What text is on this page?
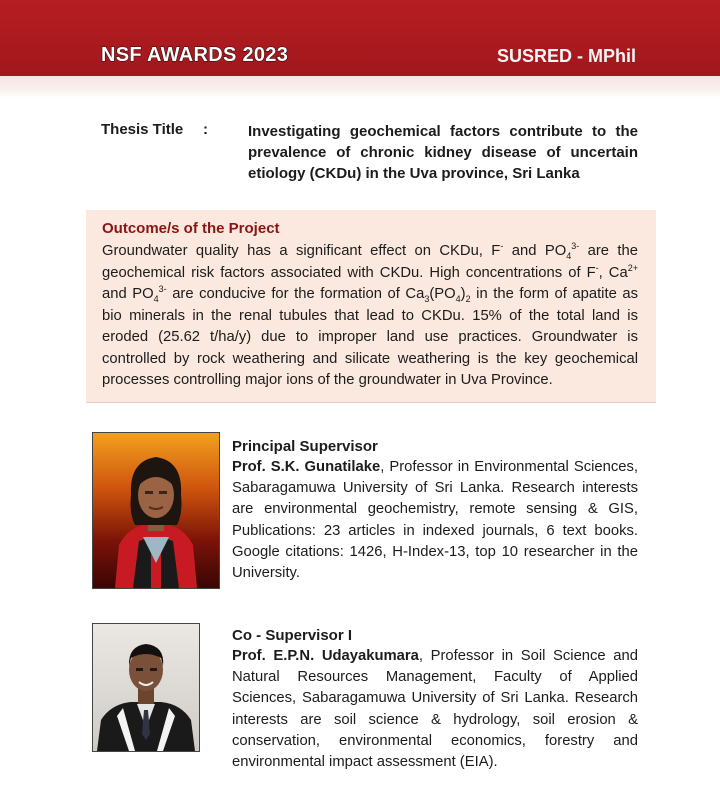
NSF AWARDS 2023	SUSRED - MPhil
Thesis Title :	Investigating geochemical factors contribute to the prevalence of chronic kidney disease of uncertain etiology (CKDu) in the Uva province, Sri Lanka
Outcome/s of the Project
Groundwater quality has a significant effect on CKDu, F- and $PO_4^{3-}$ are the geochemical risk factors associated with CKDu. High concentrations of F-, $Ca^{2+}$ and $PO_4^{3-}$ are conducive for the formation of $Ca_3(PO_4)_2$ in the form of apatite as bio minerals in the renal tubules that lead to CKDu. 15% of the total land is eroded (25.62 t/ha/y) due to improper land use practices. Groundwater is controlled by rock weathering and silicate weathering is the key geochemical processes controlling major ions of the groundwater in Uva Province.
Principal Supervisor
Prof. S.K. Gunatilake, Professor in Environmental Sciences, Sabaragamuwa University of Sri Lanka. Research interests are environmental geochemistry, remote sensing & GIS, Publications: 23 articles in indexed journals, 6 text books. Google citations: 1426, H-Index-13, top 10 researcher in the University.
Co - Supervisor I
Prof. E.P.N. Udayakumara, Professor in Soil Science and Natural Resources Management, Faculty of Applied Sciences, Sabaragamuwa University of Sri Lanka. Research interests are soil science & hydrology, soil erosion & conservation, environmental economics, forestry and environmental impact assessment (EIA).
